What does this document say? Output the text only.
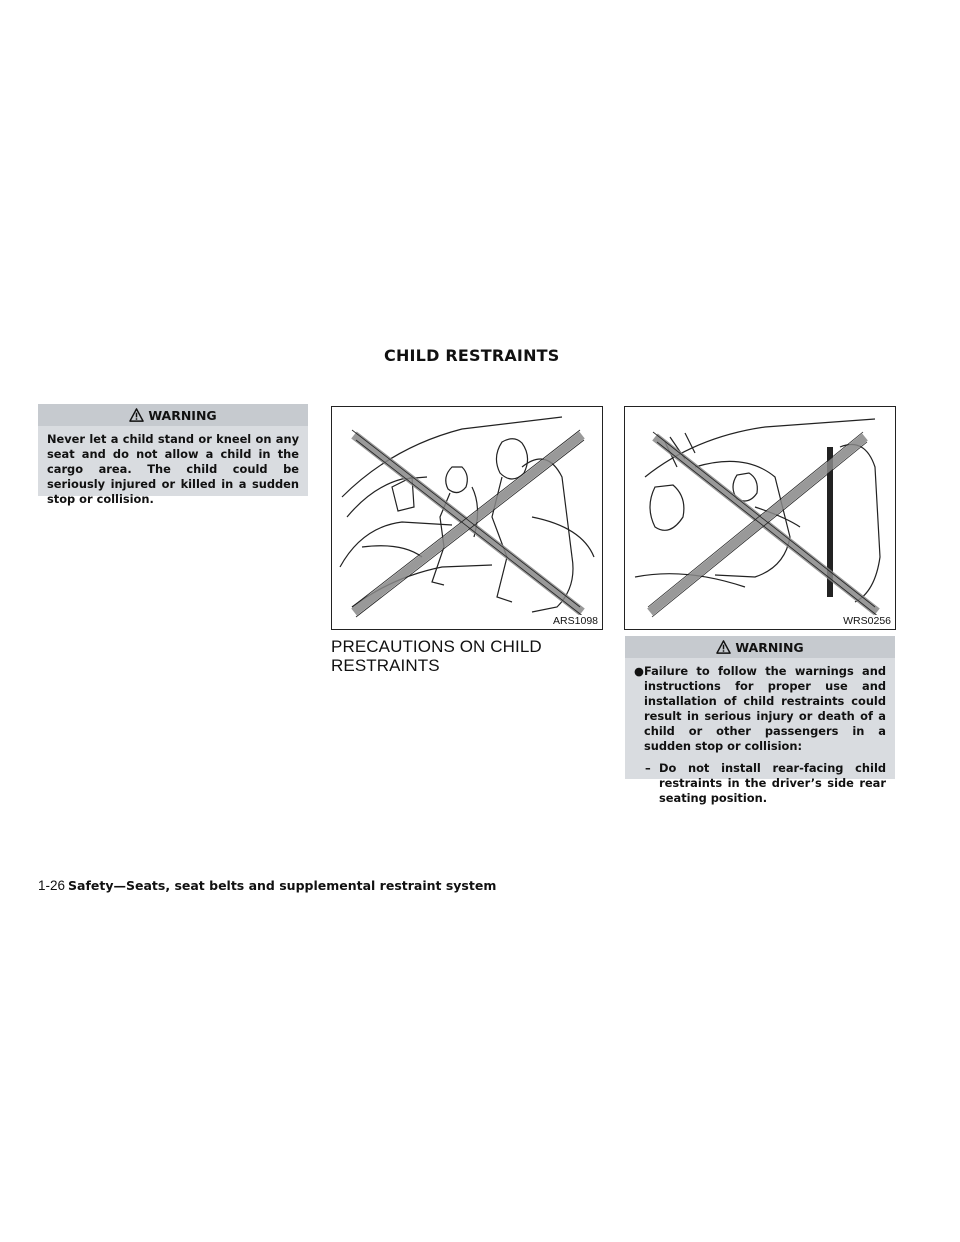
CHILD RESTRAINTS
WARNING
Never let a child stand or kneel on any seat and do not allow a child in the cargo area. The child could be seriously injured or killed in a sudden stop or collision.
ARS1098	WRS0256
PRECAUTIONS ON CHILD RESTRAINTS
WARNING
● Failure to follow the warnings and instructions for proper use and installation of child restraints could result in serious injury or death of a child or other passengers in a sudden stop or collision:
– Do not install rear-facing child restraints in the driver’s side rear seating position.
1-26 Safety—Seats, seat belts and supplemental restraint system
